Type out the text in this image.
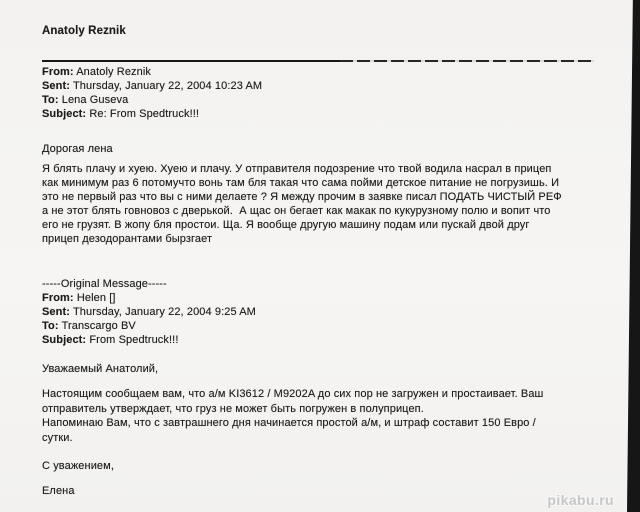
Anatoly Reznik
From: Anatoly Reznik
Sent: Thursday, January 22, 2004 10:23 AM
To: Lena Guseva
Subject: Re: From Spedtruck!!!
Дорогая лена
Я блять плачу и хуею. Хуею и плачу. У отправителя подозрение что твой водила насрал в прицеп
как минимум раз 6 потомучто вонь там бля такая что сама пойми детское питание не погрузишь. И
это не первый раз что вы с ними делаете ? Я между прочим в заявке писал ПОДАТЬ ЧИСТЫЙ РЕФ
а не этот блять говновоз с дверькой.  А щас он бегает как макак по кукурузному полю и вопит что
его не грузят. В жопу бля простои. Ща. Я вообще другую машину подам или пускай двой друг
прицеп дезодорантами бырзгает
-----Original Message-----
From: Helen []
Sent: Thursday, January 22, 2004 9:25 AM
To: Transcargo BV
Subject: From Spedtruck!!!
Уважаемый Анатолий,
Настоящим сообщаем вам, что а/м KI3612 / M9202A до сих пор не загружен и простаивает. Ваш
отправитель утверждает, что груз не может быть погружен в полуприцеп.
Напоминаю Вам, что с завтрашнего дня начинается простой а/м, и штраф составит 150 Евро /
сутки.
С уважением,
Елена
pikabu.ru
